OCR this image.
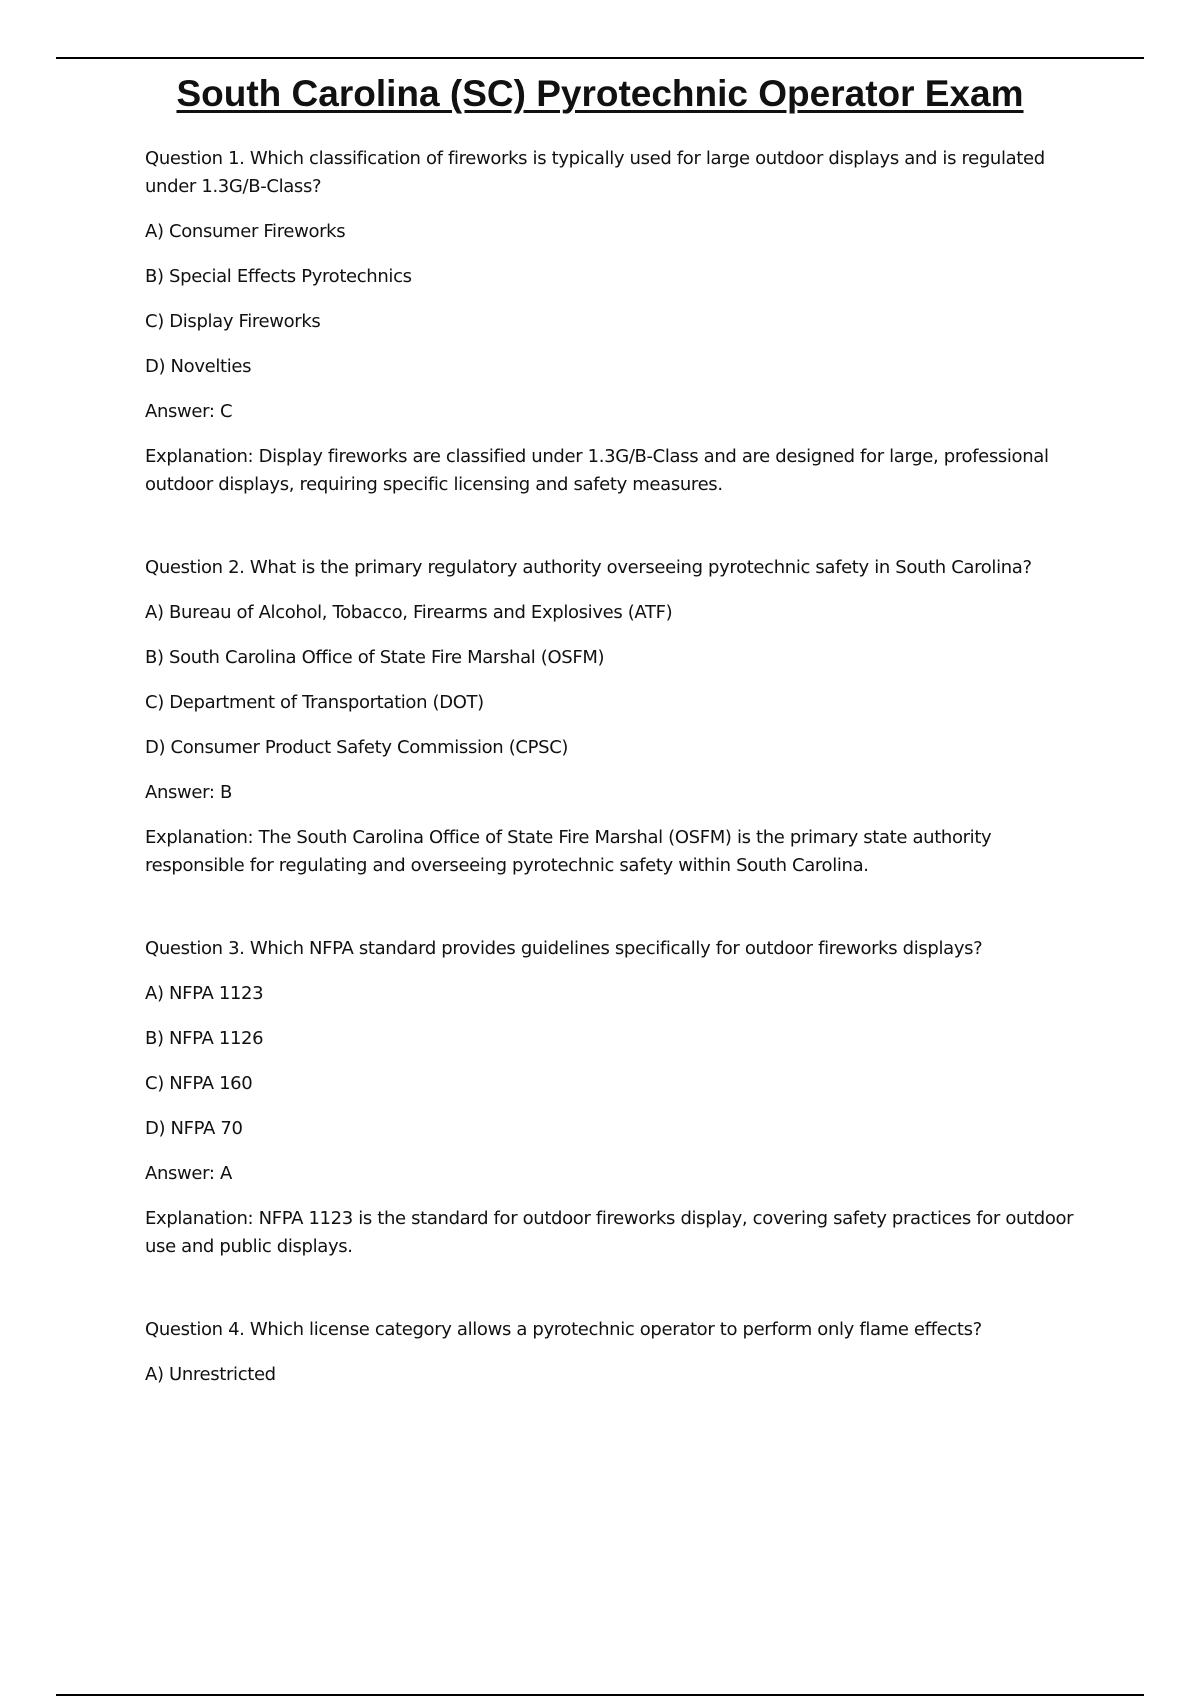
South Carolina (SC) Pyrotechnic Operator Exam

Question 1. Which classification of fireworks is typically used for large outdoor displays and is regulated under 1.3G/B-Class?

A) Consumer Fireworks

B) Special Effects Pyrotechnics

C) Display Fireworks

D) Novelties

Answer: C

Explanation: Display fireworks are classified under 1.3G/B-Class and are designed for large, professional outdoor displays, requiring specific licensing and safety measures.

Question 2. What is the primary regulatory authority overseeing pyrotechnic safety in South Carolina?

A) Bureau of Alcohol, Tobacco, Firearms and Explosives (ATF)

B) South Carolina Office of State Fire Marshal (OSFM)

C) Department of Transportation (DOT)

D) Consumer Product Safety Commission (CPSC)

Answer: B

Explanation: The South Carolina Office of State Fire Marshal (OSFM) is the primary state authority responsible for regulating and overseeing pyrotechnic safety within South Carolina.

Question 3. Which NFPA standard provides guidelines specifically for outdoor fireworks displays?

A) NFPA 1123

B) NFPA 1126

C) NFPA 160

D) NFPA 70

Answer: A

Explanation: NFPA 1123 is the standard for outdoor fireworks display, covering safety practices for outdoor use and public displays.

Question 4. Which license category allows a pyrotechnic operator to perform only flame effects?

A) Unrestricted
